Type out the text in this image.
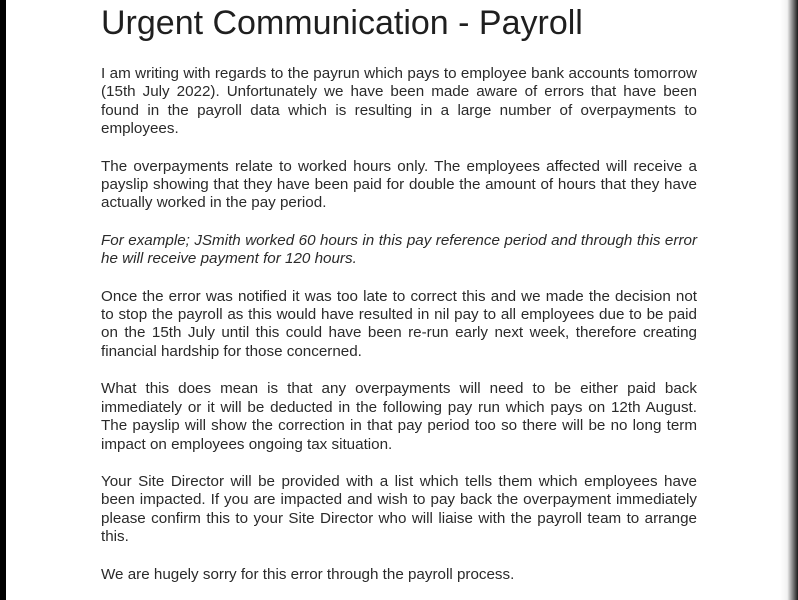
Urgent Communication - Payroll

I am writing with regards to the payrun which pays to employee bank accounts tomorrow (15th July 2022). Unfortunately we have been made aware of errors that have been found in the payroll data which is resulting in a large number of overpayments to employees.

The overpayments relate to worked hours only. The employees affected will receive a payslip showing that they have been paid for double the amount of hours that they have actually worked in the pay period.

For example; JSmith worked 60 hours in this pay reference period and through this error he will receive payment for 120 hours.

Once the error was notified it was too late to correct this and we made the decision not to stop the payroll as this would have resulted in nil pay to all employees due to be paid on the 15th July until this could have been re-run early next week, therefore creating financial hardship for those concerned.

What this does mean is that any overpayments will need to be either paid back immediately or it will be deducted in the following pay run which pays on 12th August. The payslip will show the correction in that pay period too so there will be no long term impact on employees ongoing tax situation.

Your Site Director will be provided with a list which tells them which employees have been impacted. If you are impacted and wish to pay back the overpayment immediately please confirm this to your Site Director who will liaise with the payroll team to arrange this.

We are hugely sorry for this error through the payroll process.
